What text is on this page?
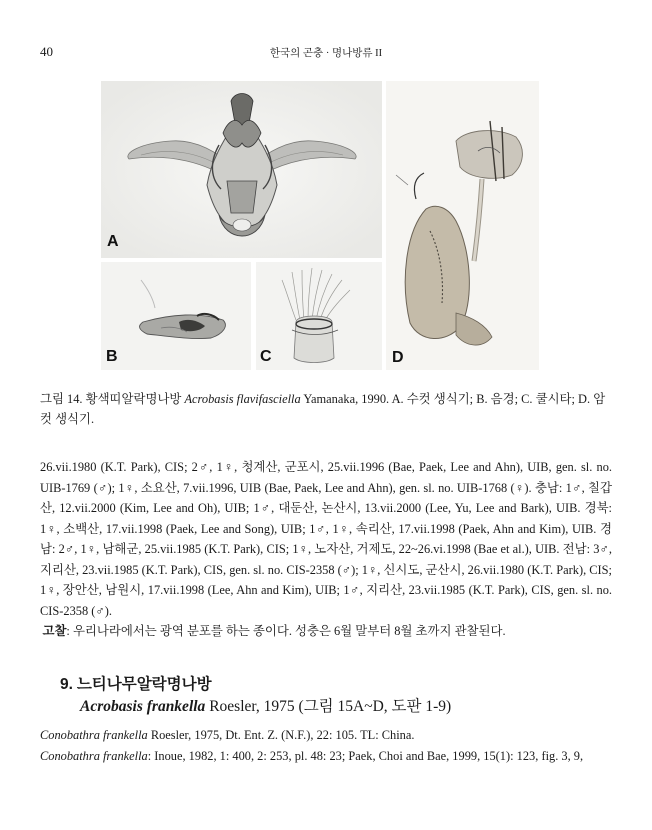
40	한국의 곤충 · 명나방류 II
A
B	C	D
그림 14. 황색띠알락명나방 Acrobasis flavifasciella Yamanaka, 1990. A. 수컷 생식기; B. 음경; C. 쿨시타; D. 암컷 생식기.

26.vii.1980 (K.T. Park), CIS; 2♂, 1♀, 청계산, 군포시, 25.vii.1996 (Bae, Paek, Lee and Ahn), UIB, gen. sl. no. UIB-1769 (♂); 1♀, 소요산, 7.vii.1996, UIB (Bae, Paek, Lee and Ahn), gen. sl. no. UIB-1768 (♀). 충남: 1♂, 칠갑산, 12.vii.2000 (Kim, Lee and Oh), UIB; 1♂, 대둔산, 논산시, 13.vii.2000 (Lee, Yu, Lee and Bark), UIB. 경북: 1♀, 소백산, 17.vii.1998 (Paek, Lee and Song), UIB; 1♂, 1♀, 속리산, 17.vii.1998 (Paek, Ahn and Kim), UIB. 경남: 2♂, 1♀, 남해군, 25.vii.1985 (K.T. Park), CIS; 1♀, 노자산, 거제도, 22~26.vi.1998 (Bae et al.), UIB. 전남: 3♂, 지리산, 23.vii.1985 (K.T. Park), CIS, gen. sl. no. CIS-2358 (♂); 1♀, 신시도, 군산시, 26.vii.1980 (K.T. Park), CIS; 1♀, 장안산, 남원시, 17.vii.1998 (Lee, Ahn and Kim), UIB; 1♂, 지리산, 23.vii.1985 (K.T. Park), CIS, gen. sl. no. CIS-2358 (♂).

고찰: 우리나라에서는 광역 분포를 하는 종이다. 성충은 6월 말부터 8월 초까지 관찰된다.

9. 느티나무알락명나방
Acrobasis frankella Roesler, 1975 (그림 15A~D, 도판 1-9)

Conobathra frankella Roesler, 1975, Dt. Ent. Z. (N.F.), 22: 105. TL: China.

Conobathra frankella: Inoue, 1982, 1: 400, 2: 253, pl. 48: 23; Paek, Choi and Bae, 1999, 15(1): 123, fig. 3, 9,
